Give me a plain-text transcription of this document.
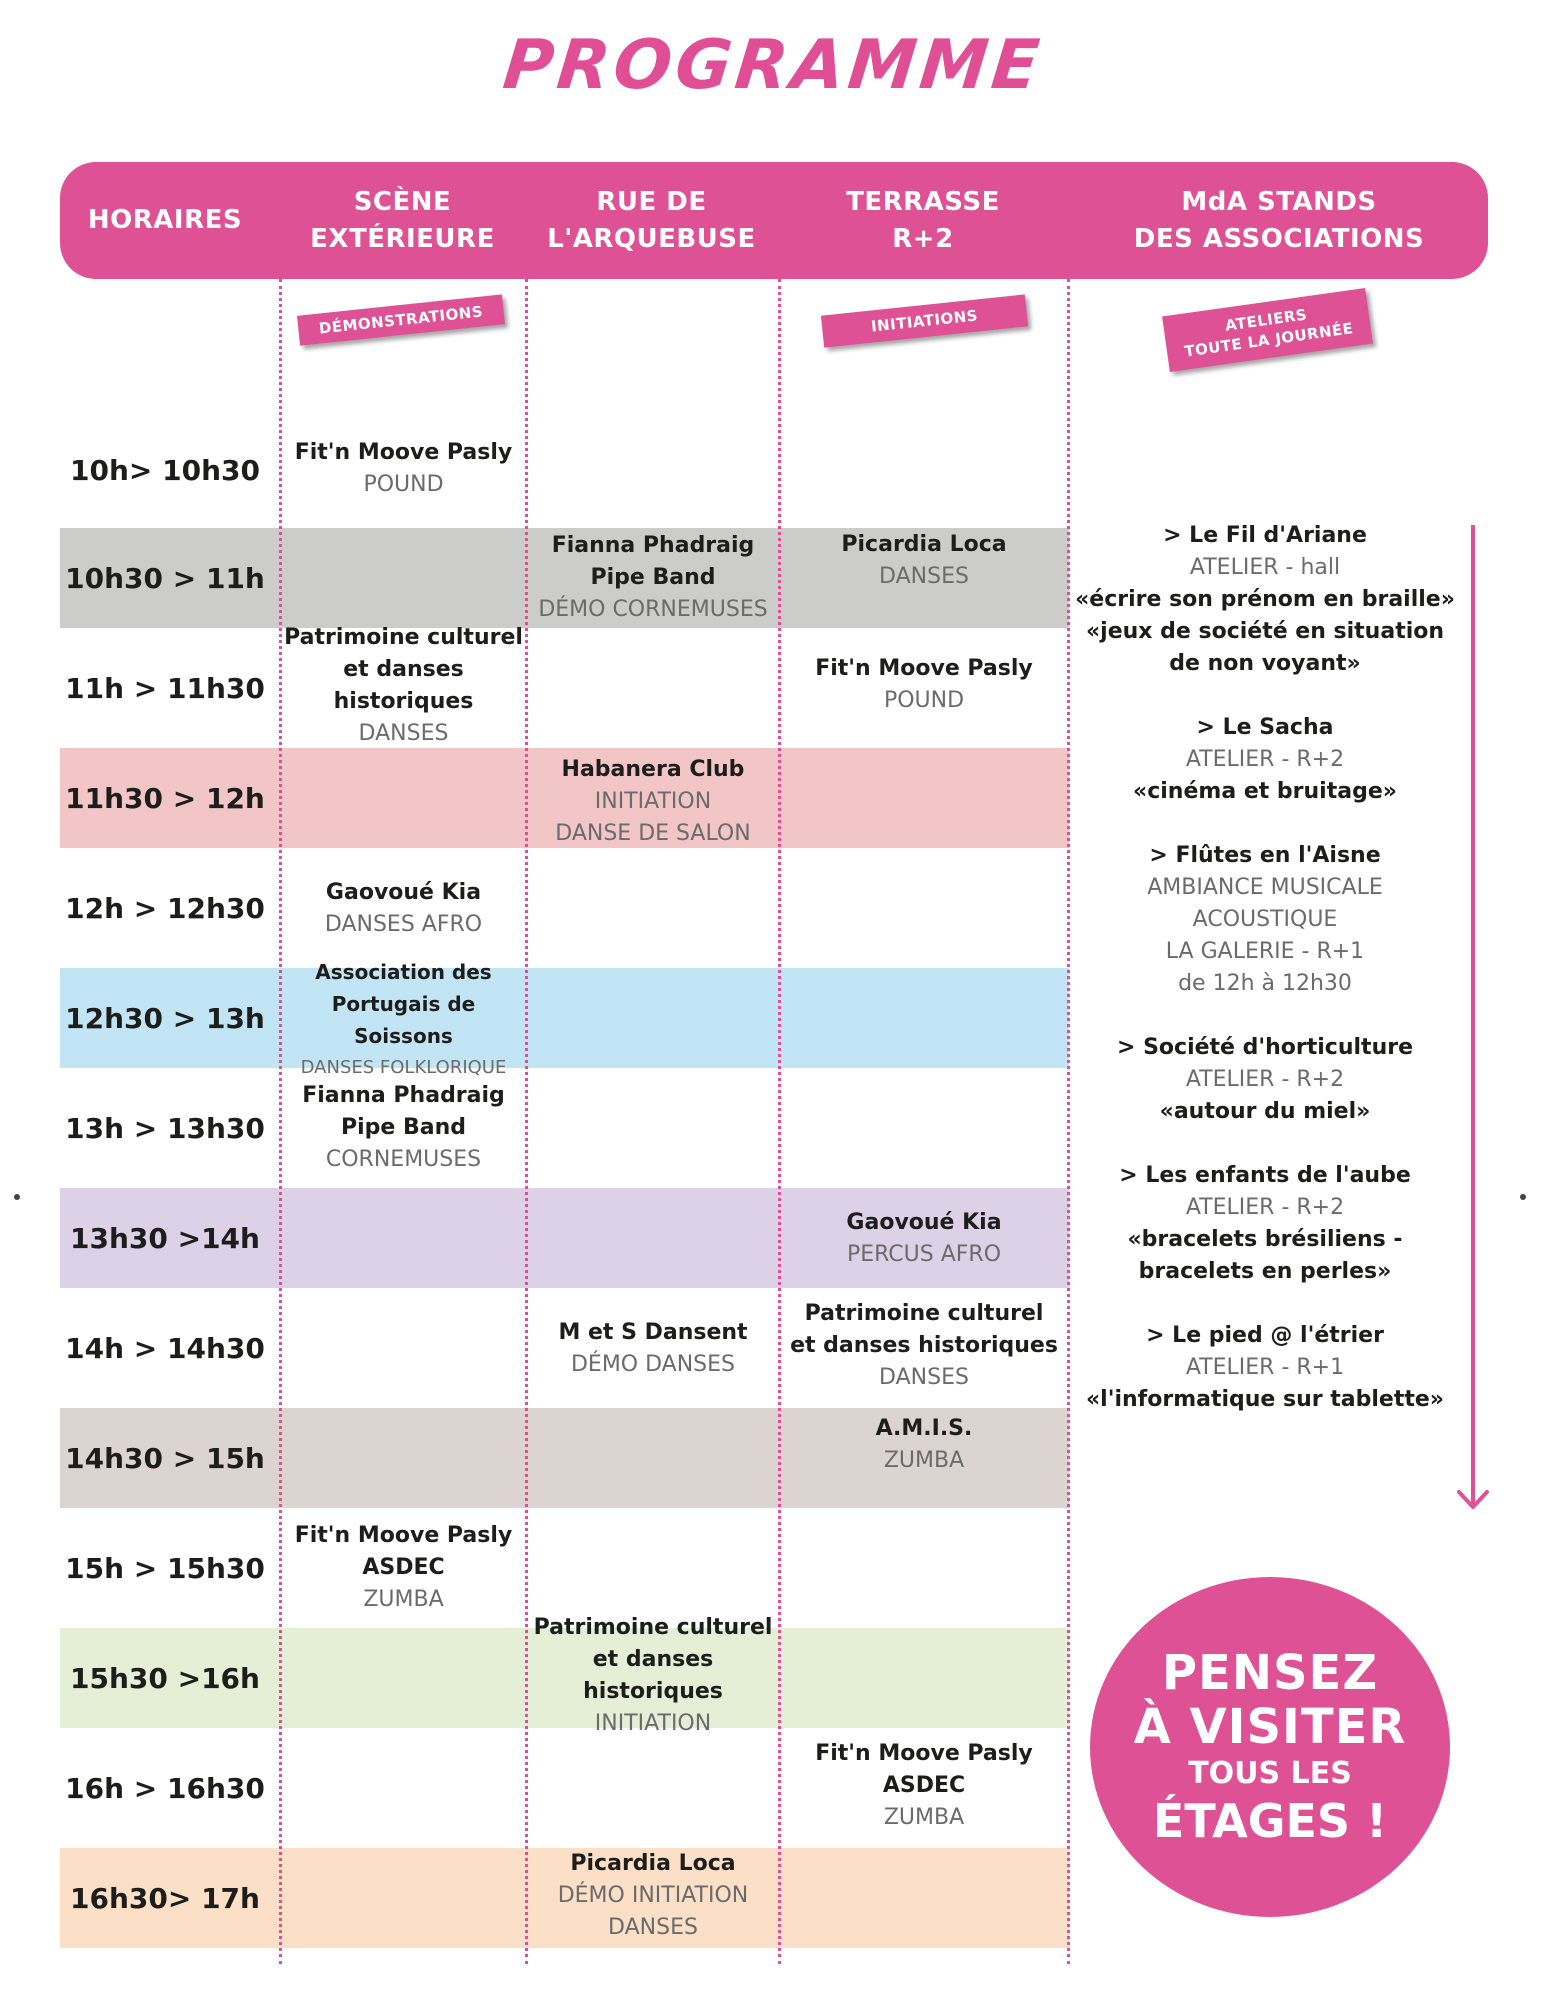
PROGRAMME
HORAIRES
SCÈNE
EXTÉRIEURE
RUE DE
L'ARQUEBUSE
TERRASSE
R+2
MdA STANDS
DES ASSOCIATIONS
DÉMONSTRATIONS	INITIATIONS	ATELIERS
TOUTE LA JOURNÉE
10h> 10h30
10h30 > 11h
11h > 11h30
11h30 > 12h
12h > 12h30
12h30 > 13h
13h > 13h30
13h30 >14h
14h > 14h30
14h30 > 15h
15h > 15h30
15h30 >16h
16h > 16h30
16h30> 17h
Fit'n Moove Pasly
POUND
Fianna Phadraig
Pipe Band
DÉMO CORNEMUSES
Picardia Loca
DANSES
Patrimoine culturel
et danses historiques
DANSES
Fit'n Moove Pasly
POUND
Habanera Club
INITIATION
DANSE DE SALON
Gaovoué Kia
DANSES AFRO
Association des
Portugais de Soissons
DANSES FOLKLORIQUE
Fianna Phadraig
Pipe Band
CORNEMUSES
Gaovoué Kia
PERCUS AFRO
M et S Dansent
DÉMO DANSES
Patrimoine culturel
et danses historiques
DANSES
A.M.I.S.
ZUMBA
Fit'n Moove Pasly
ASDEC
ZUMBA
Patrimoine culturel
et danses historiques
INITIATION
Fit'n Moove Pasly
ASDEC
ZUMBA
Picardia Loca
DÉMO INITIATION
DANSES
> Le Fil d'Ariane
ATELIER - hall
«écrire son prénom en braille»
«jeux de société en situation
de non voyant»
> Le Sacha
ATELIER - R+2
«cinéma et bruitage»
> Flûtes en l'Aisne
AMBIANCE MUSICALE
ACOUSTIQUE
LA GALERIE - R+1
de 12h à 12h30
> Société d'horticulture
ATELIER - R+2
«autour du miel»
> Les enfants de l'aube
ATELIER - R+2
«bracelets brésiliens -
bracelets en perles»
> Le pied @ l'étrier
ATELIER - R+1
«l'informatique sur tablette»
PENSEZ
À VISITER
TOUS LES
ÉTAGES !
